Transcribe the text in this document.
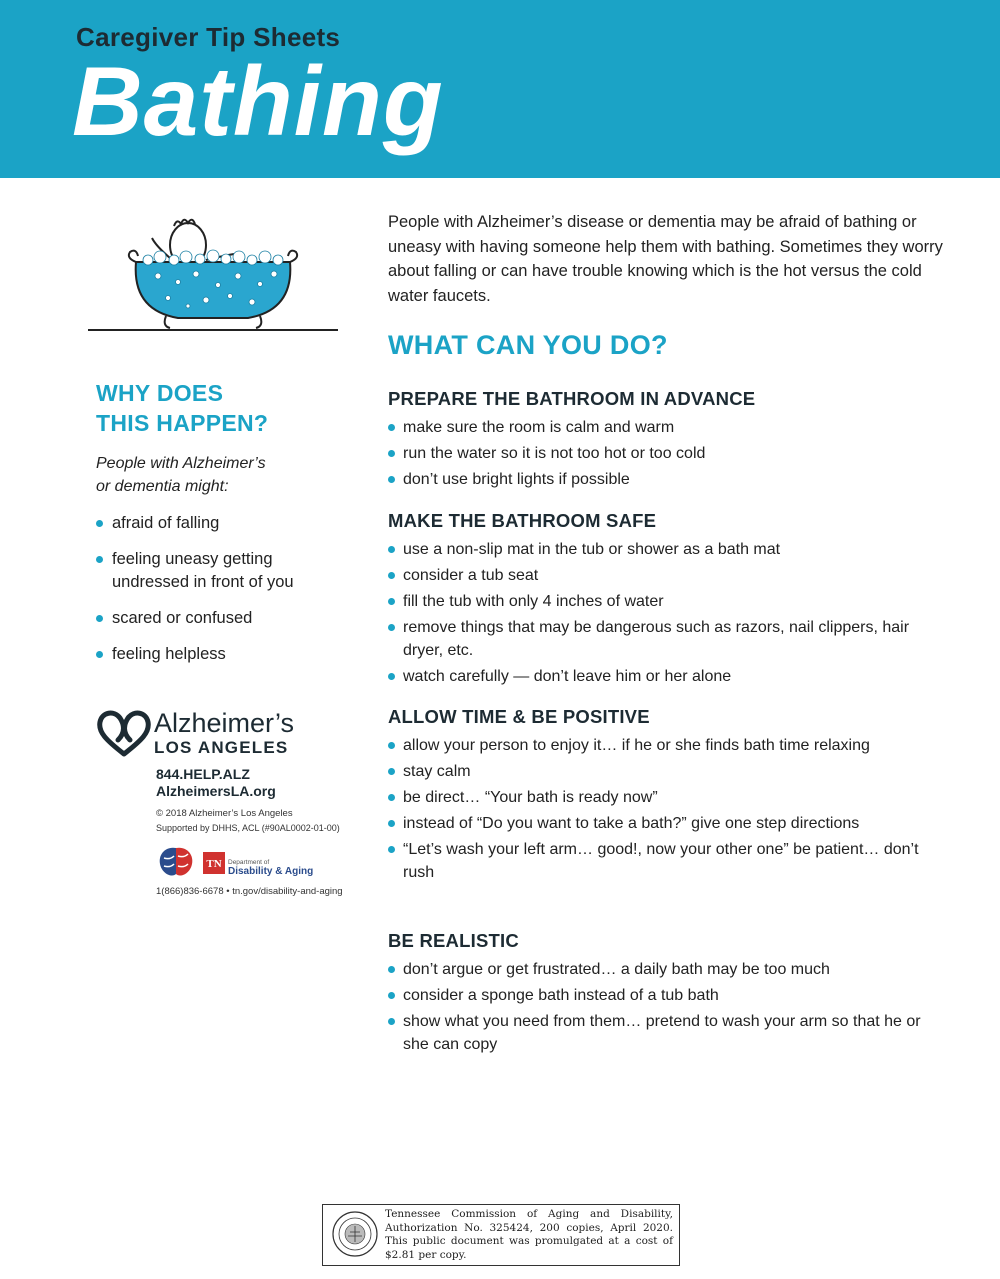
Caregiver Tip Sheets
Bathing
People with Alzheimer’s disease or dementia may be afraid of bathing or uneasy with having someone help them with bathing. Sometimes they worry about falling or can have trouble knowing which is the hot versus the cold water faucets.
WHAT CAN YOU DO?
WHY DOES
THIS HAPPEN?
People with Alzheimer’s
or dementia might:
afraid of falling
feeling uneasy getting undressed in front of you
scared or confused
feeling helpless
PREPARE THE BATHROOM IN ADVANCE
make sure the room is calm and warm
run the water so it is not too hot or too cold
don’t use bright lights if possible
MAKE THE BATHROOM SAFE
use a non-slip mat in the tub or shower as a bath mat
consider a tub seat
fill the tub with only 4 inches of water
remove things that may be dangerous such as razors, nail clippers, hair dryer, etc.
watch carefully — don’t leave him or her alone
ALLOW TIME & BE POSITIVE
allow your person to enjoy it… if he or she finds bath time relaxing
stay calm
be direct… “Your bath is ready now”
instead of “Do you want to take a bath?” give one step directions
“Let’s wash your left arm… good!, now your other one” be patient… don’t rush
BE REALISTIC
don’t argue or get frustrated… a daily bath may be too much
consider a sponge bath instead of a tub bath
show what you need from them… pretend to wash your arm so that he or she can copy
Alzheimer’s
LOS ANGELES
844.HELP.ALZ
AlzheimersLA.org
© 2018 Alzheimer’s Los Angeles
Supported by DHHS, ACL (#90AL0002-01-00)
TN Department of
Disability & Aging
1(866)836-6678 • tn.gov/disability-and-aging
Tennessee Commission of Aging and Disability, Authorization No. 325424, 200 copies, April 2020. This public document was promulgated at a cost of $2.81 per copy.
